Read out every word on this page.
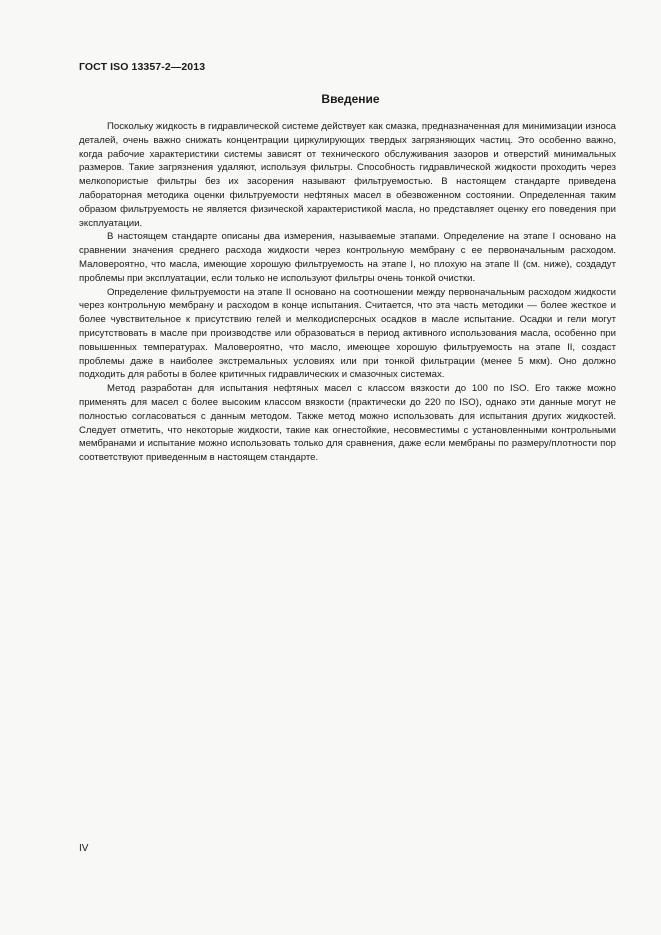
ГОСТ ISO 13357-2—2013
Введение

Поскольку жидкость в гидравлической системе действует как смазка, предназначенная для минимизации износа деталей, очень важно снижать концентрации циркулирующих твердых загрязняющих частиц. Это особенно важно, когда рабочие характеристики системы зависят от технического обслуживания зазоров и отверстий минимальных размеров. Такие загрязнения удаляют, используя фильтры. Способность гидравлической жидкости проходить через мелкопористые фильтры без их засорения называют фильтруемостью. В настоящем стандарте приведена лабораторная методика оценки фильтруемости нефтяных масел в обезвоженном состоянии. Определенная таким образом фильтруемость не является физической характеристикой масла, но представляет оценку его поведения при эксплуатации.

В настоящем стандарте описаны два измерения, называемые этапами. Определение на этапе I основано на сравнении значения среднего расхода жидкости через контрольную мембрану с ее первоначальным расходом. Маловероятно, что масла, имеющие хорошую фильтруемость на этапе I, но плохую на этапе II (см. ниже), создадут проблемы при эксплуатации, если только не используют фильтры очень тонкой очистки.

Определение фильтруемости на этапе II основано на соотношении между первоначальным расходом жидкости через контрольную мембрану и расходом в конце испытания. Считается, что эта часть методики — более жесткое и более чувствительное к присутствию гелей и мелкодисперсных осадков в масле испытание. Осадки и гели могут присутствовать в масле при производстве или образоваться в период активного использования масла, особенно при повышенных температурах. Маловероятно, что масло, имеющее хорошую фильтруемость на этапе II, создаст проблемы даже в наиболее экстремальных условиях или при тонкой фильтрации (менее 5 мкм). Оно должно подходить для работы в более критичных гидравлических и смазочных системах.

Метод разработан для испытания нефтяных масел с классом вязкости до 100 по ISO. Его также можно применять для масел с более высоким классом вязкости (практически до 220 по ISO), однако эти данные могут не полностью согласоваться с данным методом. Также метод можно использовать для испытания других жидкостей. Следует отметить, что некоторые жидкости, такие как огнестойкие, несовместимы с установленными контрольными мембранами и испытание можно использовать только для сравнения, даже если мембраны по размеру/плотности пор соответствуют приведенным в настоящем стандарте.

IV
